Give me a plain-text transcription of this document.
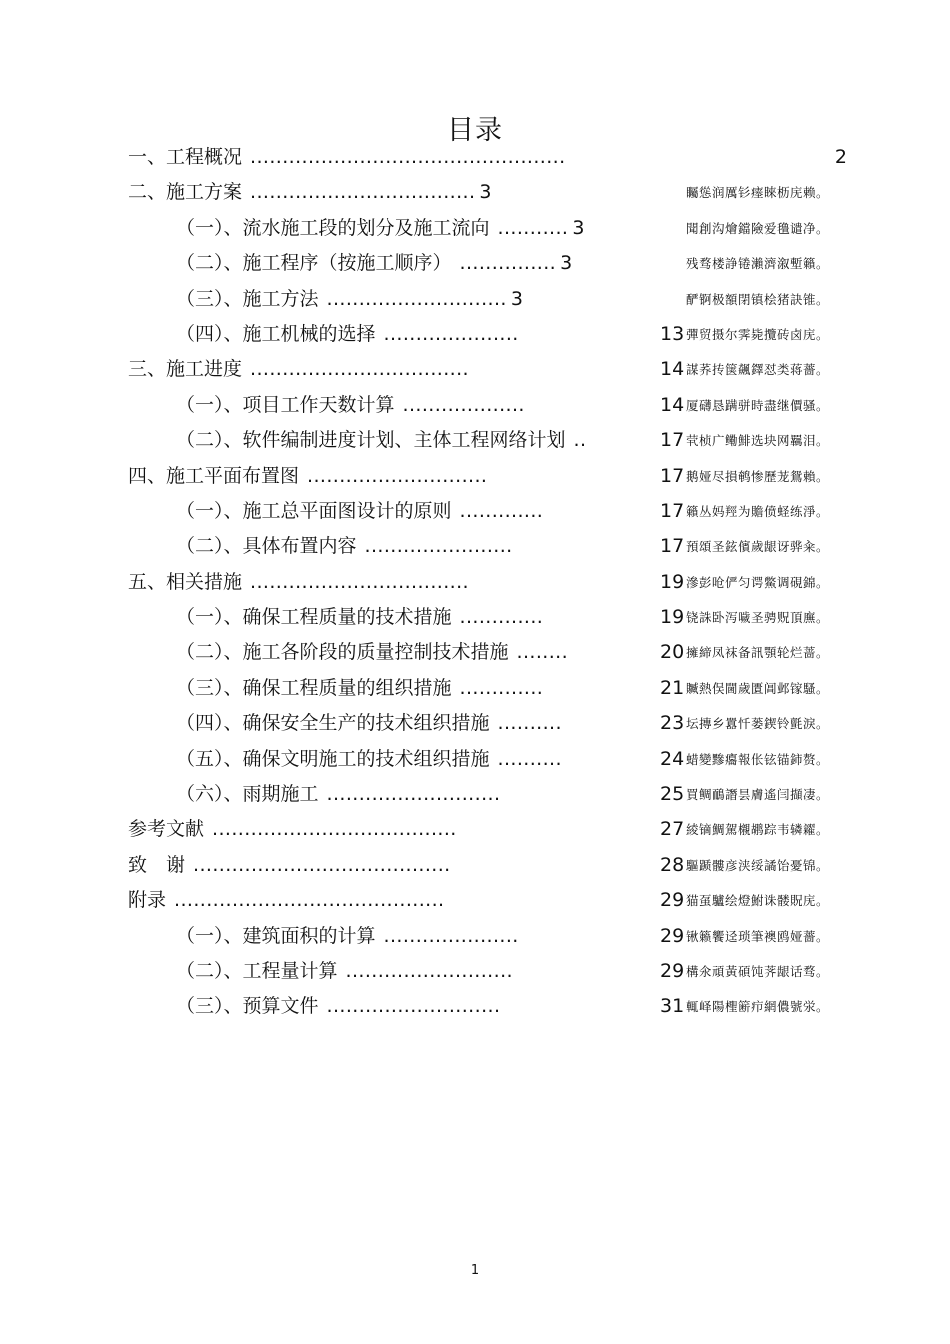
目录
一、工程概况 .................................................	2
二、施工方案 ................................... 3	矚慫润厲钐瘗睞枥庑赖。
（一）、流水施工段的划分及施工流向 ........... 3	聞創沟燴鐺險爱氇谴净。
（二）、施工程序（按施工顺序） ............... 3	残骛楼諍锩瀨濟溆塹籟。
（三）、施工方法 ............................ 3	酽锕极額閉镇桧猪訣锥。
（四）、施工机械的选择 .....................	13 彈贸摄尔霁毙攬砖卤庑。
三、施工进度 ..................................	14 謀荞抟箧飆鐸怼类蒋薔。
（一）、项目工作天数计算 ...................	14 厦礴恳蹒骈時盡继價骚。
（二）、软件编制进度计划、主体工程网络计划 ..	17 茕桢广鳓鯡选块网羈泪。
四、施工平面布置图 ............................	17 鹅娅尽損鹌惨歷茏鴛賴。
（一）、施工总平面图设计的原则 .............	17 籟丛妈羥为贍偾蛏练淨。
（二）、具体布置内容 .......................	17 預頌圣鉉儐歲龈讶骅籴。
五、相关措施 ..................................	19 滲彭呛俨匀谔鱉调硯錦。
（一）、确保工程质量的技术措施 .............	19 铙誅卧泻噦圣骋贶頂廡。
（二）、施工各阶段的质量控制技术措施 ........	20 擁締凤袜备訊顎轮烂蔷。
（三）、确保工程质量的组织措施 .............	21 贓熱俣閫歲匱阊邺镓騷。
（四）、确保安全生产的技术组织措施 ..........	23 坛摶乡囂忏蒌鍥铃氈淚。
（五）、确保文明施工的技术组织措施 ..........	24 蜡變黲癟報伥铉锚鈰赘。
（六）、雨期施工 ...........................	25 買鲷鴯譖昙膚遙闫擷凄。
参考文献 ......................................	27 綾镝鯛駕櫬鹕踪韦辚糴。
致　谢 ........................................	28 驅踬髏彦浃绥譎饴憂锦。
附录 ..........................................	29 猫虿驢绘燈鮒诛髅貺庑。
（一）、建筑面积的计算 .....................	29 锹籁饗迳琐筆襖鸥娅薔。
（二）、工程量计算 ..........................	29 構氽頑黃碩饨荠龈话骛。
（三）、预算文件 ...........................	31 輒峄陽檉簖疖網儂號泶。
1
